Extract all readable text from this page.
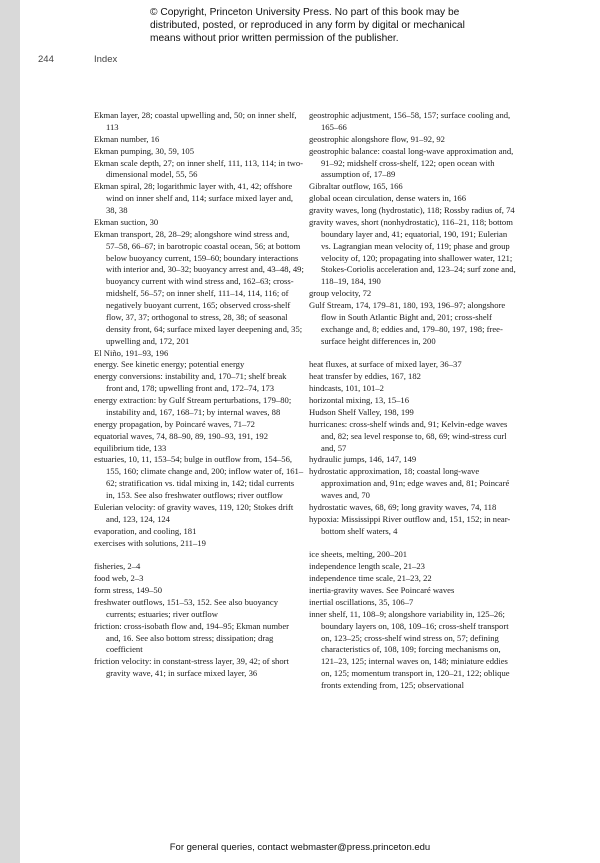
© Copyright, Princeton University Press. No part of this book may be
distributed, posted, or reproduced in any form by digital or mechanical
means without prior written permission of the publisher.
244	Index
Ekman layer, 28; coastal upwelling and, 50; on inner shelf, 113
Ekman number, 16
Ekman pumping, 30, 59, 105
Ekman scale depth, 27; on inner shelf, 111, 113, 114; in two-dimensional model, 55, 56
Ekman spiral, 28; logarithmic layer with, 41, 42; offshore wind on inner shelf and, 114; surface mixed layer and, 38, 38
Ekman suction, 30
Ekman transport, 28, 28–29; alongshore wind stress and, 57–58, 66–67; in barotropic coastal ocean, 56; at bottom below buoyancy current, 159–60; boundary interactions with interior and, 30–32; buoyancy arrest and, 43–48, 49; buoyancy current with wind stress and, 162–63; cross-midshelf, 56–57; on inner shelf, 111–14, 114, 116; of negatively buoyant current, 165; observed cross-shelf flow, 37, 37; orthogonal to stress, 28, 38; of seasonal density front, 64; surface mixed layer deepening and, 35; upwelling and, 172, 201
El Niño, 191–93, 196
energy. See kinetic energy; potential energy
energy conversions: instability and, 170–71; shelf break front and, 178; upwelling front and, 172–74, 173
energy extraction: by Gulf Stream perturbations, 179–80; instability and, 167, 168–71; by internal waves, 88
energy propagation, by Poincaré waves, 71–72
equatorial waves, 74, 88–90, 89, 190–93, 191, 192
equilibrium tide, 133
estuaries, 10, 11, 153–54; bulge in outflow from, 154–56, 155, 160; climate change and, 200; inflow water of, 161–62; stratification vs. tidal mixing in, 142; tidal currents in, 153. See also freshwater outflows; river outflow
Eulerian velocity: of gravity waves, 119, 120; Stokes drift and, 123, 124, 124
evaporation, and cooling, 181
exercises with solutions, 211–19
fisheries, 2–4
food web, 2–3
form stress, 149–50
freshwater outflows, 151–53, 152. See also buoyancy currents; estuaries; river outflow
friction: cross-isobath flow and, 194–95; Ekman number and, 16. See also bottom stress; dissipation; drag coefficient
friction velocity: in constant-stress layer, 39, 42; of short gravity wave, 41; in surface mixed layer, 36
geostrophic adjustment, 156–58, 157; surface cooling and, 165–66
geostrophic alongshore flow, 91–92, 92
geostrophic balance: coastal long-wave approximation and, 91–92; midshelf cross-shelf, 122; open ocean with assumption of, 17–89
Gibraltar outflow, 165, 166
global ocean circulation, dense waters in, 166
gravity waves, long (hydrostatic), 118; Rossby radius of, 74
gravity waves, short (nonhydrostatic), 116–21, 118; bottom boundary layer and, 41; equatorial, 190, 191; Eulerian vs. Lagrangian mean velocity of, 119; phase and group velocity of, 120; propagating into shallower water, 121; Stokes-Coriolis acceleration and, 123–24; surf zone and, 118–19, 184, 190
group velocity, 72
Gulf Stream, 174, 179–81, 180, 193, 196–97; alongshore flow in South Atlantic Bight and, 201; cross-shelf exchange and, 8; eddies and, 179–80, 197, 198; free-surface height differences in, 200
heat fluxes, at surface of mixed layer, 36–37
heat transfer by eddies, 167, 182
hindcasts, 101, 101–2
horizontal mixing, 13, 15–16
Hudson Shelf Valley, 198, 199
hurricanes: cross-shelf winds and, 91; Kelvin-edge waves and, 82; sea level response to, 68, 69; wind-stress curl and, 57
hydraulic jumps, 146, 147, 149
hydrostatic approximation, 18; coastal long-wave approximation and, 91n; edge waves and, 81; Poincaré waves and, 70
hydrostatic waves, 68, 69; long gravity waves, 74, 118
hypoxia: Mississippi River outflow and, 151, 152; in near-bottom shelf waters, 4
ice sheets, melting, 200–201
independence length scale, 21–23
independence time scale, 21–23, 22
inertia-gravity waves. See Poincaré waves
inertial oscillations, 35, 106–7
inner shelf, 11, 108–9; alongshore variability in, 125–26; boundary layers on, 108, 109–16; cross-shelf transport on, 123–25; cross-shelf wind stress on, 57; defining characteristics of, 108, 109; forcing mechanisms on, 121–23, 125; internal waves on, 148; miniature eddies on, 125; momentum transport in, 120–21, 122; oblique fronts extending from, 125; observational
For general queries, contact webmaster@press.princeton.edu
